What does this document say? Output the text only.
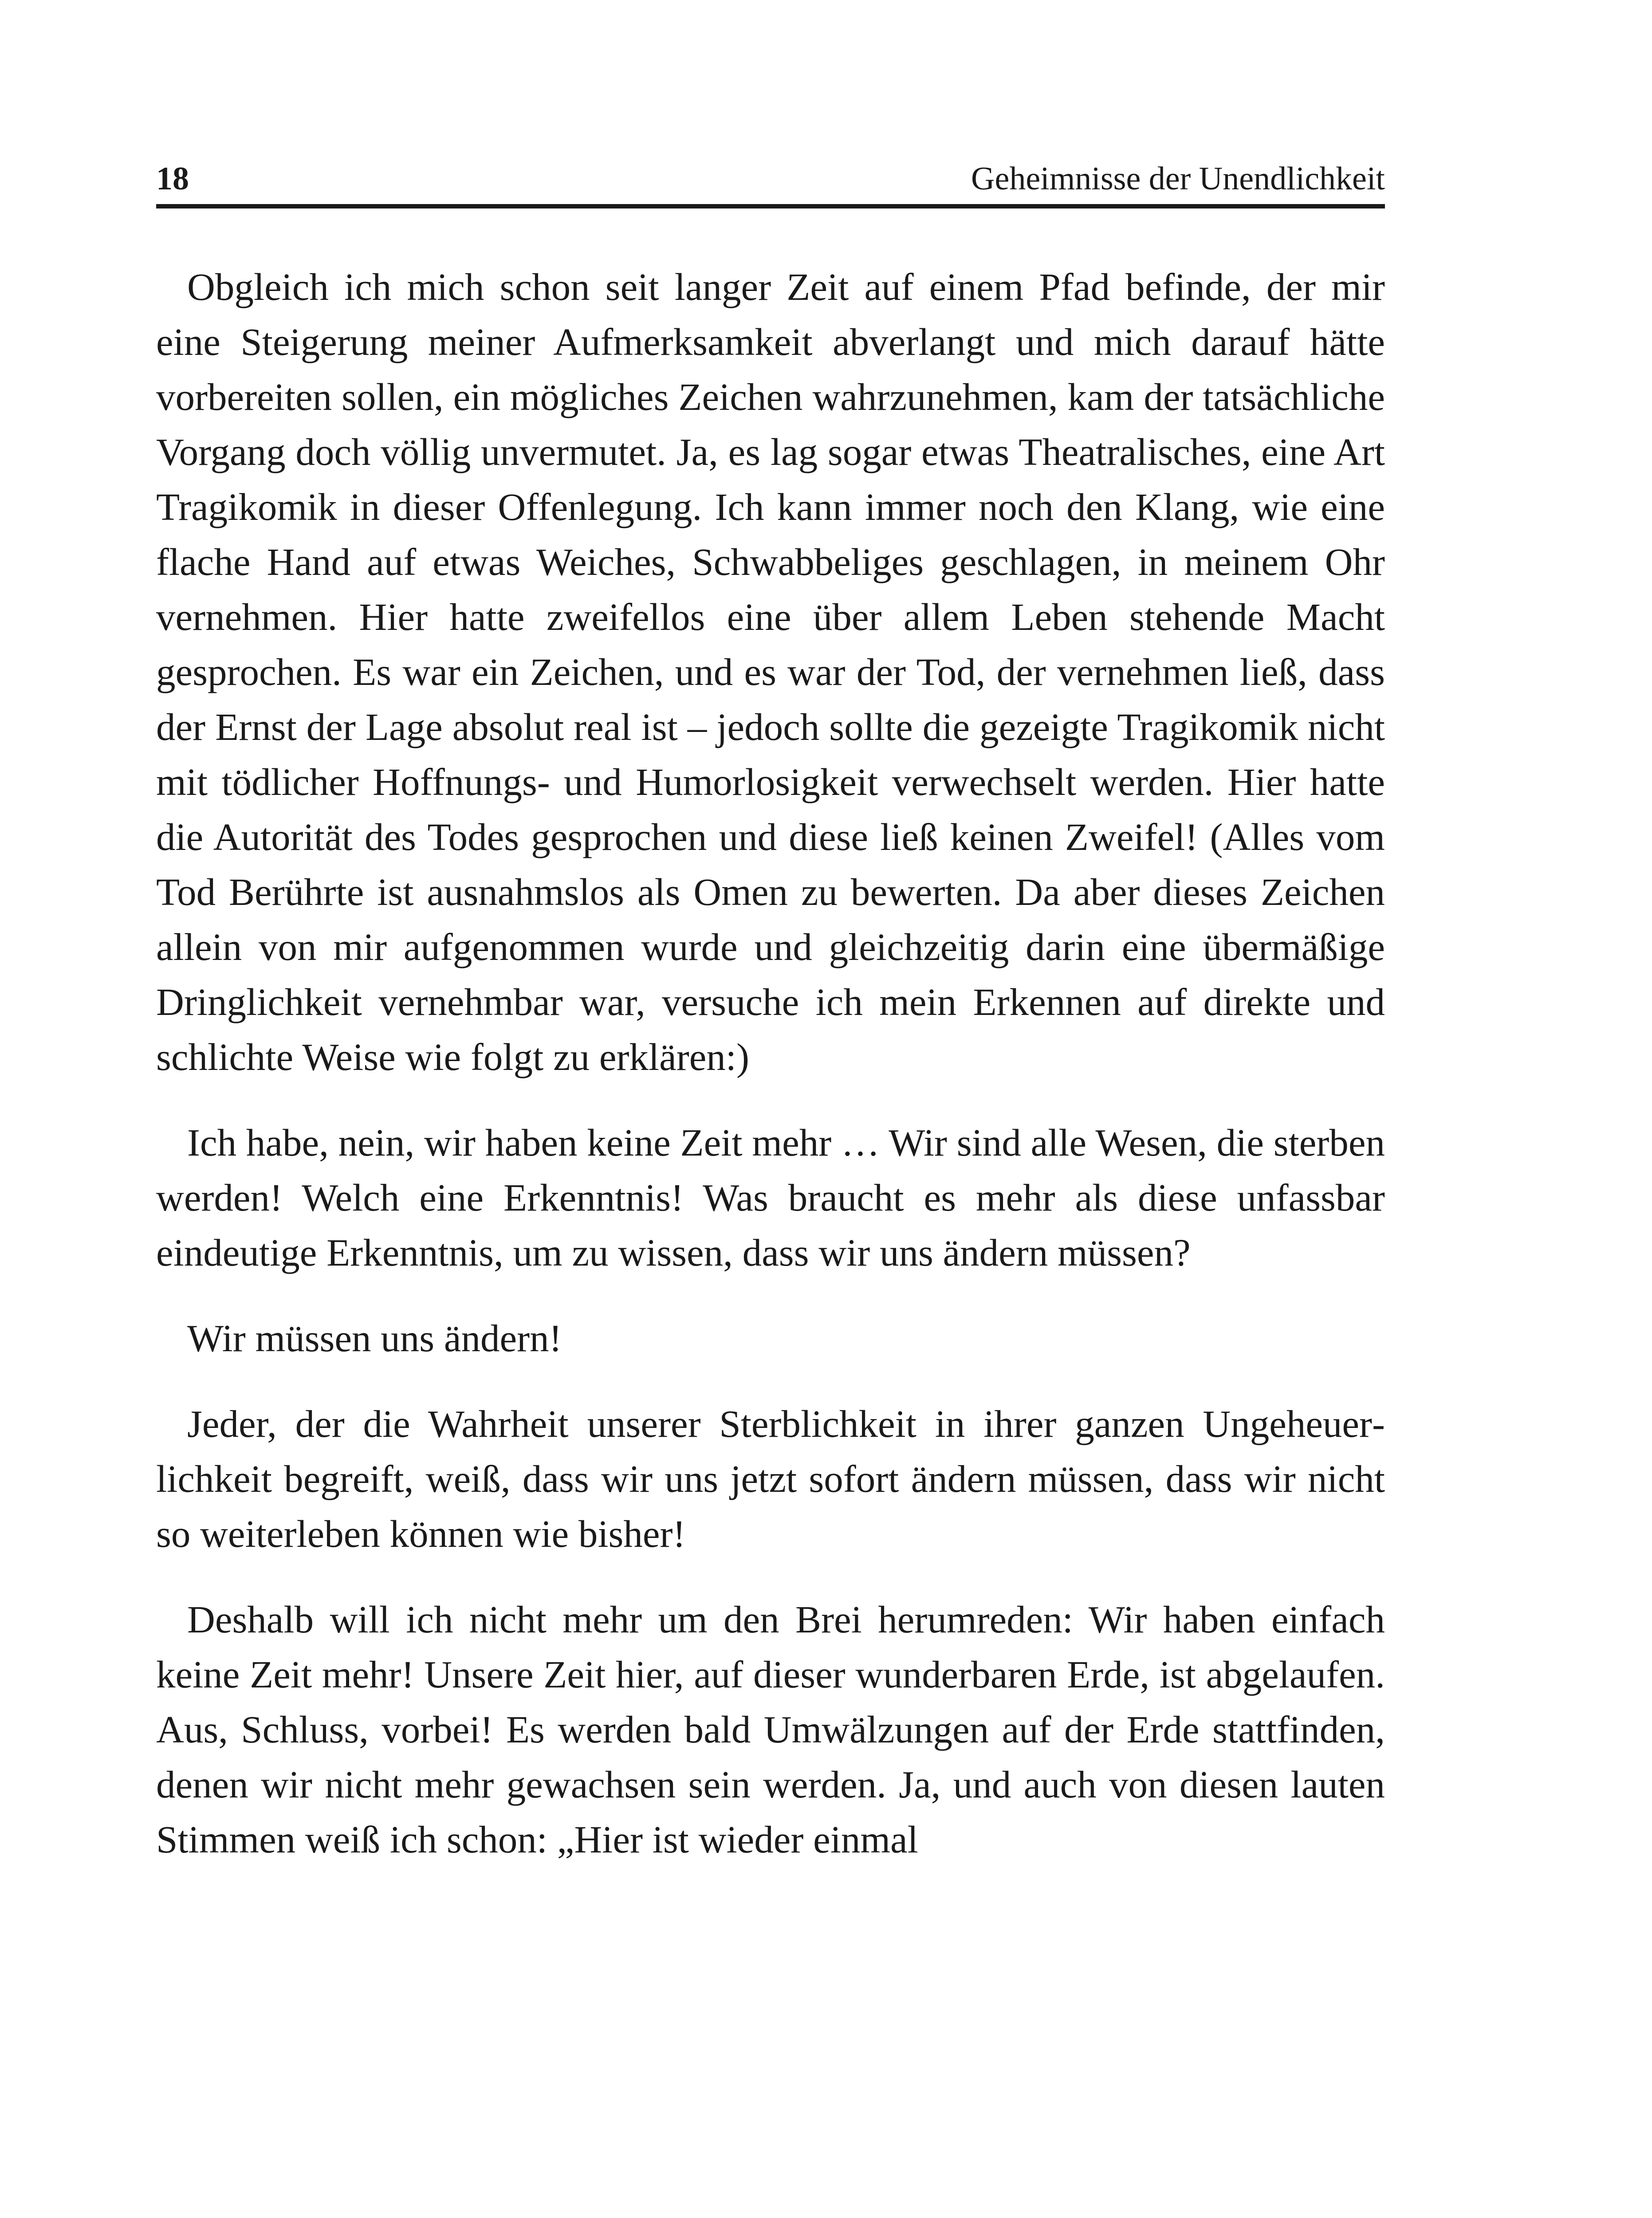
18	Geheimnisse der Unendlichkeit

Obgleich ich mich schon seit langer Zeit auf einem Pfad befinde, der mir eine Steigerung meiner Aufmerksamkeit abverlangt und mich darauf hätte vorbereiten sollen, ein mögliches Zeichen wahrzunehmen, kam der tatsächliche Vorgang doch völlig unvermutet. Ja, es lag sogar etwas Theatralisches, eine Art Tragikomik in dieser Offenlegung. Ich kann immer noch den Klang, wie eine flache Hand auf etwas Weiches, Schwabbeliges geschlagen, in meinem Ohr vernehmen. Hier hatte zweifellos eine über allem Leben stehende Macht gesprochen. Es war ein Zeichen, und es war der Tod, der vernehmen ließ, dass der Ernst der Lage absolut real ist – jedoch sollte die gezeigte Tragikomik nicht mit tödlicher Hoffnungs- und Humorlosigkeit verwechselt werden. Hier hatte die Autorität des Todes gesprochen und diese ließ keinen Zweifel! (Alles vom Tod Berührte ist ausnahmslos als Omen zu bewerten. Da aber dieses Zeichen allein von mir aufgenommen wurde und gleichzeitig darin eine übermäßige Dringlichkeit vernehmbar war, versuche ich mein Erkennen auf direkte und schlichte Weise wie folgt zu erklären:)

Ich habe, nein, wir haben keine Zeit mehr … Wir sind alle Wesen, die sterben werden! Welch eine Erkenntnis! Was braucht es mehr als diese unfassbar eindeutige Erkenntnis, um zu wissen, dass wir uns ändern müssen?

Wir müssen uns ändern!

Jeder, der die Wahrheit unserer Sterblichkeit in ihrer ganzen Ungeheuerlichkeit begreift, weiß, dass wir uns jetzt sofort ändern müssen, dass wir nicht so weiterleben können wie bisher!

Deshalb will ich nicht mehr um den Brei herumreden: Wir haben einfach keine Zeit mehr! Unsere Zeit hier, auf dieser wunderbaren Erde, ist abgelaufen. Aus, Schluss, vorbei! Es werden bald Umwälzungen auf der Erde stattfinden, denen wir nicht mehr gewachsen sein werden. Ja, und auch von diesen lauten Stimmen weiß ich schon: „Hier ist wieder einmal
